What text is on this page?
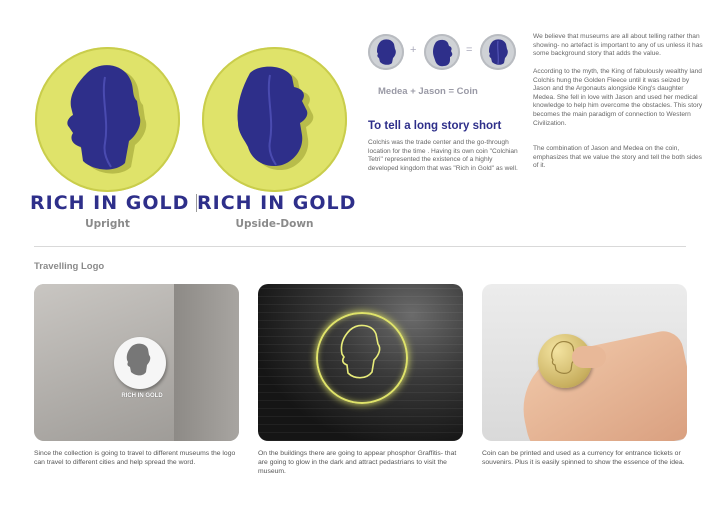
RICH IN GOLD
Upright
RICH IN GOLD
Upside-Down
+	=
Medea + Jason = Coin
To tell a long story short
Colchis was the trade center and the go-through location for the time . Having its own coin "Colchian Tetri" represented the existence of a highly developed kingdom that was "Rich in Gold" as well.
We believe that museums are all about telling rather than showing- no artefact is important to any of us unless it has some background story that adds the value.
According to the myth, the King of fabulously wealthy land Colchis hung the Golden Fleece until it was seized by Jason and the Argonauts alongside King's daughter Medea. She fell in love with Jason and used her medical knowledge to help him overcome the obstacles. This story becomes the main paradigm of connection to Western Civilization.
The combination of Jason and Medea on the coin, emphasizes that we value the story and tell the both sides of it.
Travelling Logo
RICH IN GOLD
Since the collection is going to travel to different museums the logo can travel to different cities and help spread the word.
On the buildings there are going to appear phosphor Graffitis- that are going to glow in the dark and attract pedastrians to visit the museum.
Coin can be printed and used as a currency for entrance tickets or souvenirs. Plus it is easily spinned to show the essence of the idea.
